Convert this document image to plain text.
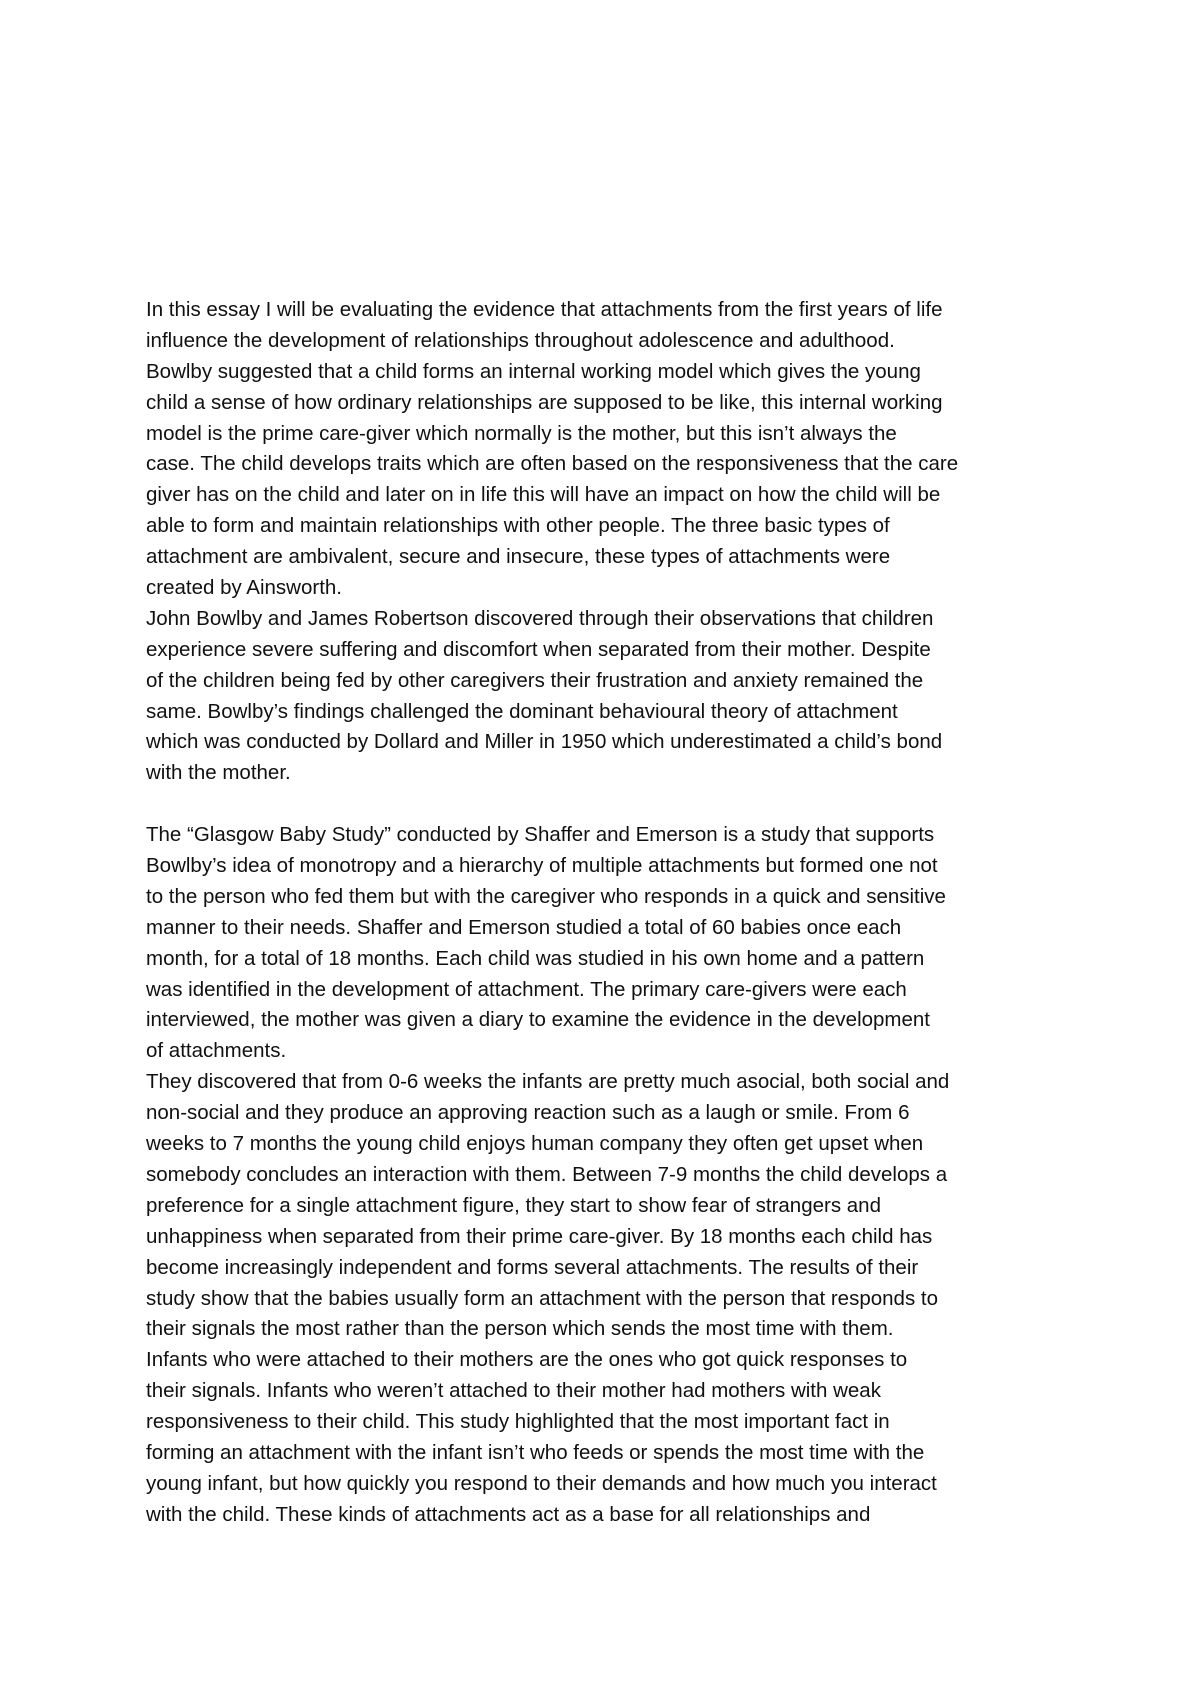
In this essay I will be evaluating the evidence that attachments from the first years of life
influence the development of relationships throughout adolescence and adulthood.
Bowlby suggested that a child forms an internal working model which gives the young
child a sense of how ordinary relationships are supposed to be like, this internal working
model is the prime care-giver which normally is the mother, but this isn’t always the
case. The child develops traits which are often based on the responsiveness that the care
giver has on the child and later on in life this will have an impact on how the child will be
able to form and maintain relationships with other people. The three basic types of
attachment are ambivalent, secure and insecure, these types of attachments were
created by Ainsworth.
John Bowlby and James Robertson discovered through their observations that children
experience severe suffering and discomfort when separated from their mother. Despite
of the children being fed by other caregivers their frustration and anxiety remained the
same. Bowlby’s findings challenged the dominant behavioural theory of attachment
which was conducted by Dollard and Miller in 1950 which underestimated a child’s bond
with the mother.
The “Glasgow Baby Study” conducted by Shaffer and Emerson is a study that supports
Bowlby’s idea of monotropy and a hierarchy of multiple attachments but formed one not
to the person who fed them but with the caregiver who responds in a quick and sensitive
manner to their needs. Shaffer and Emerson studied a total of 60 babies once each
month, for a total of 18 months. Each child was studied in his own home and a pattern
was identified in the development of attachment. The primary care-givers were each
interviewed, the mother was given a diary to examine the evidence in the development
of attachments.
They discovered that from 0-6 weeks the infants are pretty much asocial, both social and
non-social and they produce an approving reaction such as a laugh or smile. From 6
weeks to 7 months the young child enjoys human company they often get upset when
somebody concludes an interaction with them. Between 7-9 months the child develops a
preference for a single attachment figure, they start to show fear of strangers and
unhappiness when separated from their prime care-giver. By 18 months each child has
become increasingly independent and forms several attachments. The results of their
study show that the babies usually form an attachment with the person that responds to
their signals the most rather than the person which sends the most time with them.
Infants who were attached to their mothers are the ones who got quick responses to
their signals. Infants who weren’t attached to their mother had mothers with weak
responsiveness to their child. This study highlighted that the most important fact in
forming an attachment with the infant isn’t who feeds or spends the most time with the
young infant, but how quickly you respond to their demands and how much you interact
with the child. These kinds of attachments act as a base for all relationships and
